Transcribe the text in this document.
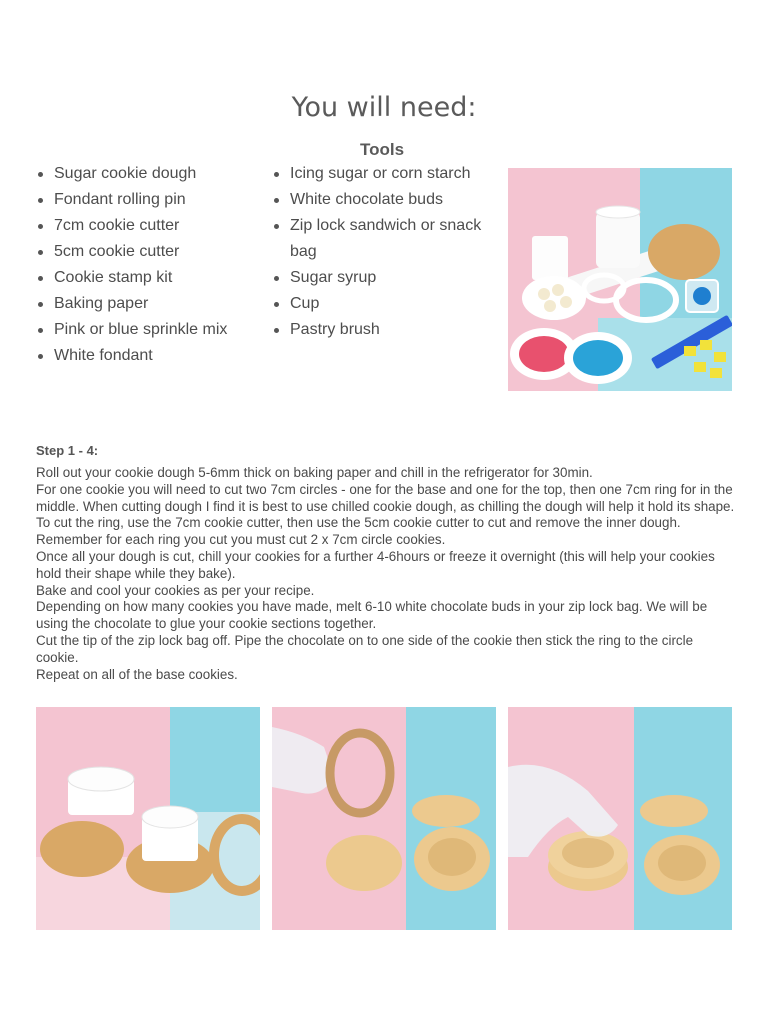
You will need:
Tools
Sugar cookie dough
Fondant rolling pin
7cm cookie cutter
5cm cookie cutter
Cookie stamp kit
Baking paper
Pink or blue sprinkle mix
White fondant
Icing sugar or corn starch
White chocolate buds
Zip lock sandwich or snack bag
Sugar syrup
Cup
Pastry brush
Step 1 - 4:

Roll out your cookie dough 5-6mm thick on baking paper and chill in the refrigerator for 30min.

For one cookie you will need to cut two 7cm circles - one for the base and one for the top, then one 7cm ring for in the middle. When cutting dough I find it is best to use chilled cookie dough, as chilling the dough will help it hold its shape.

To cut the ring, use the 7cm cookie cutter, then use the 5cm cookie cutter to cut and remove the inner dough. Remember for each ring you cut you must cut 2 x 7cm circle cookies.

Once all your dough is cut, chill your cookies for a further 4-6hours or freeze it overnight (this will help your cookies hold their shape while they bake).

Bake and cool your cookies as per your recipe.

Depending on how many cookies you have made, melt 6-10 white chocolate buds in your zip lock bag. We will be using the chocolate to glue your cookie sections together.

Cut the tip of the zip lock bag off. Pipe the chocolate on to one side of the cookie then stick the ring to the circle cookie.

Repeat on all of the base cookies.
